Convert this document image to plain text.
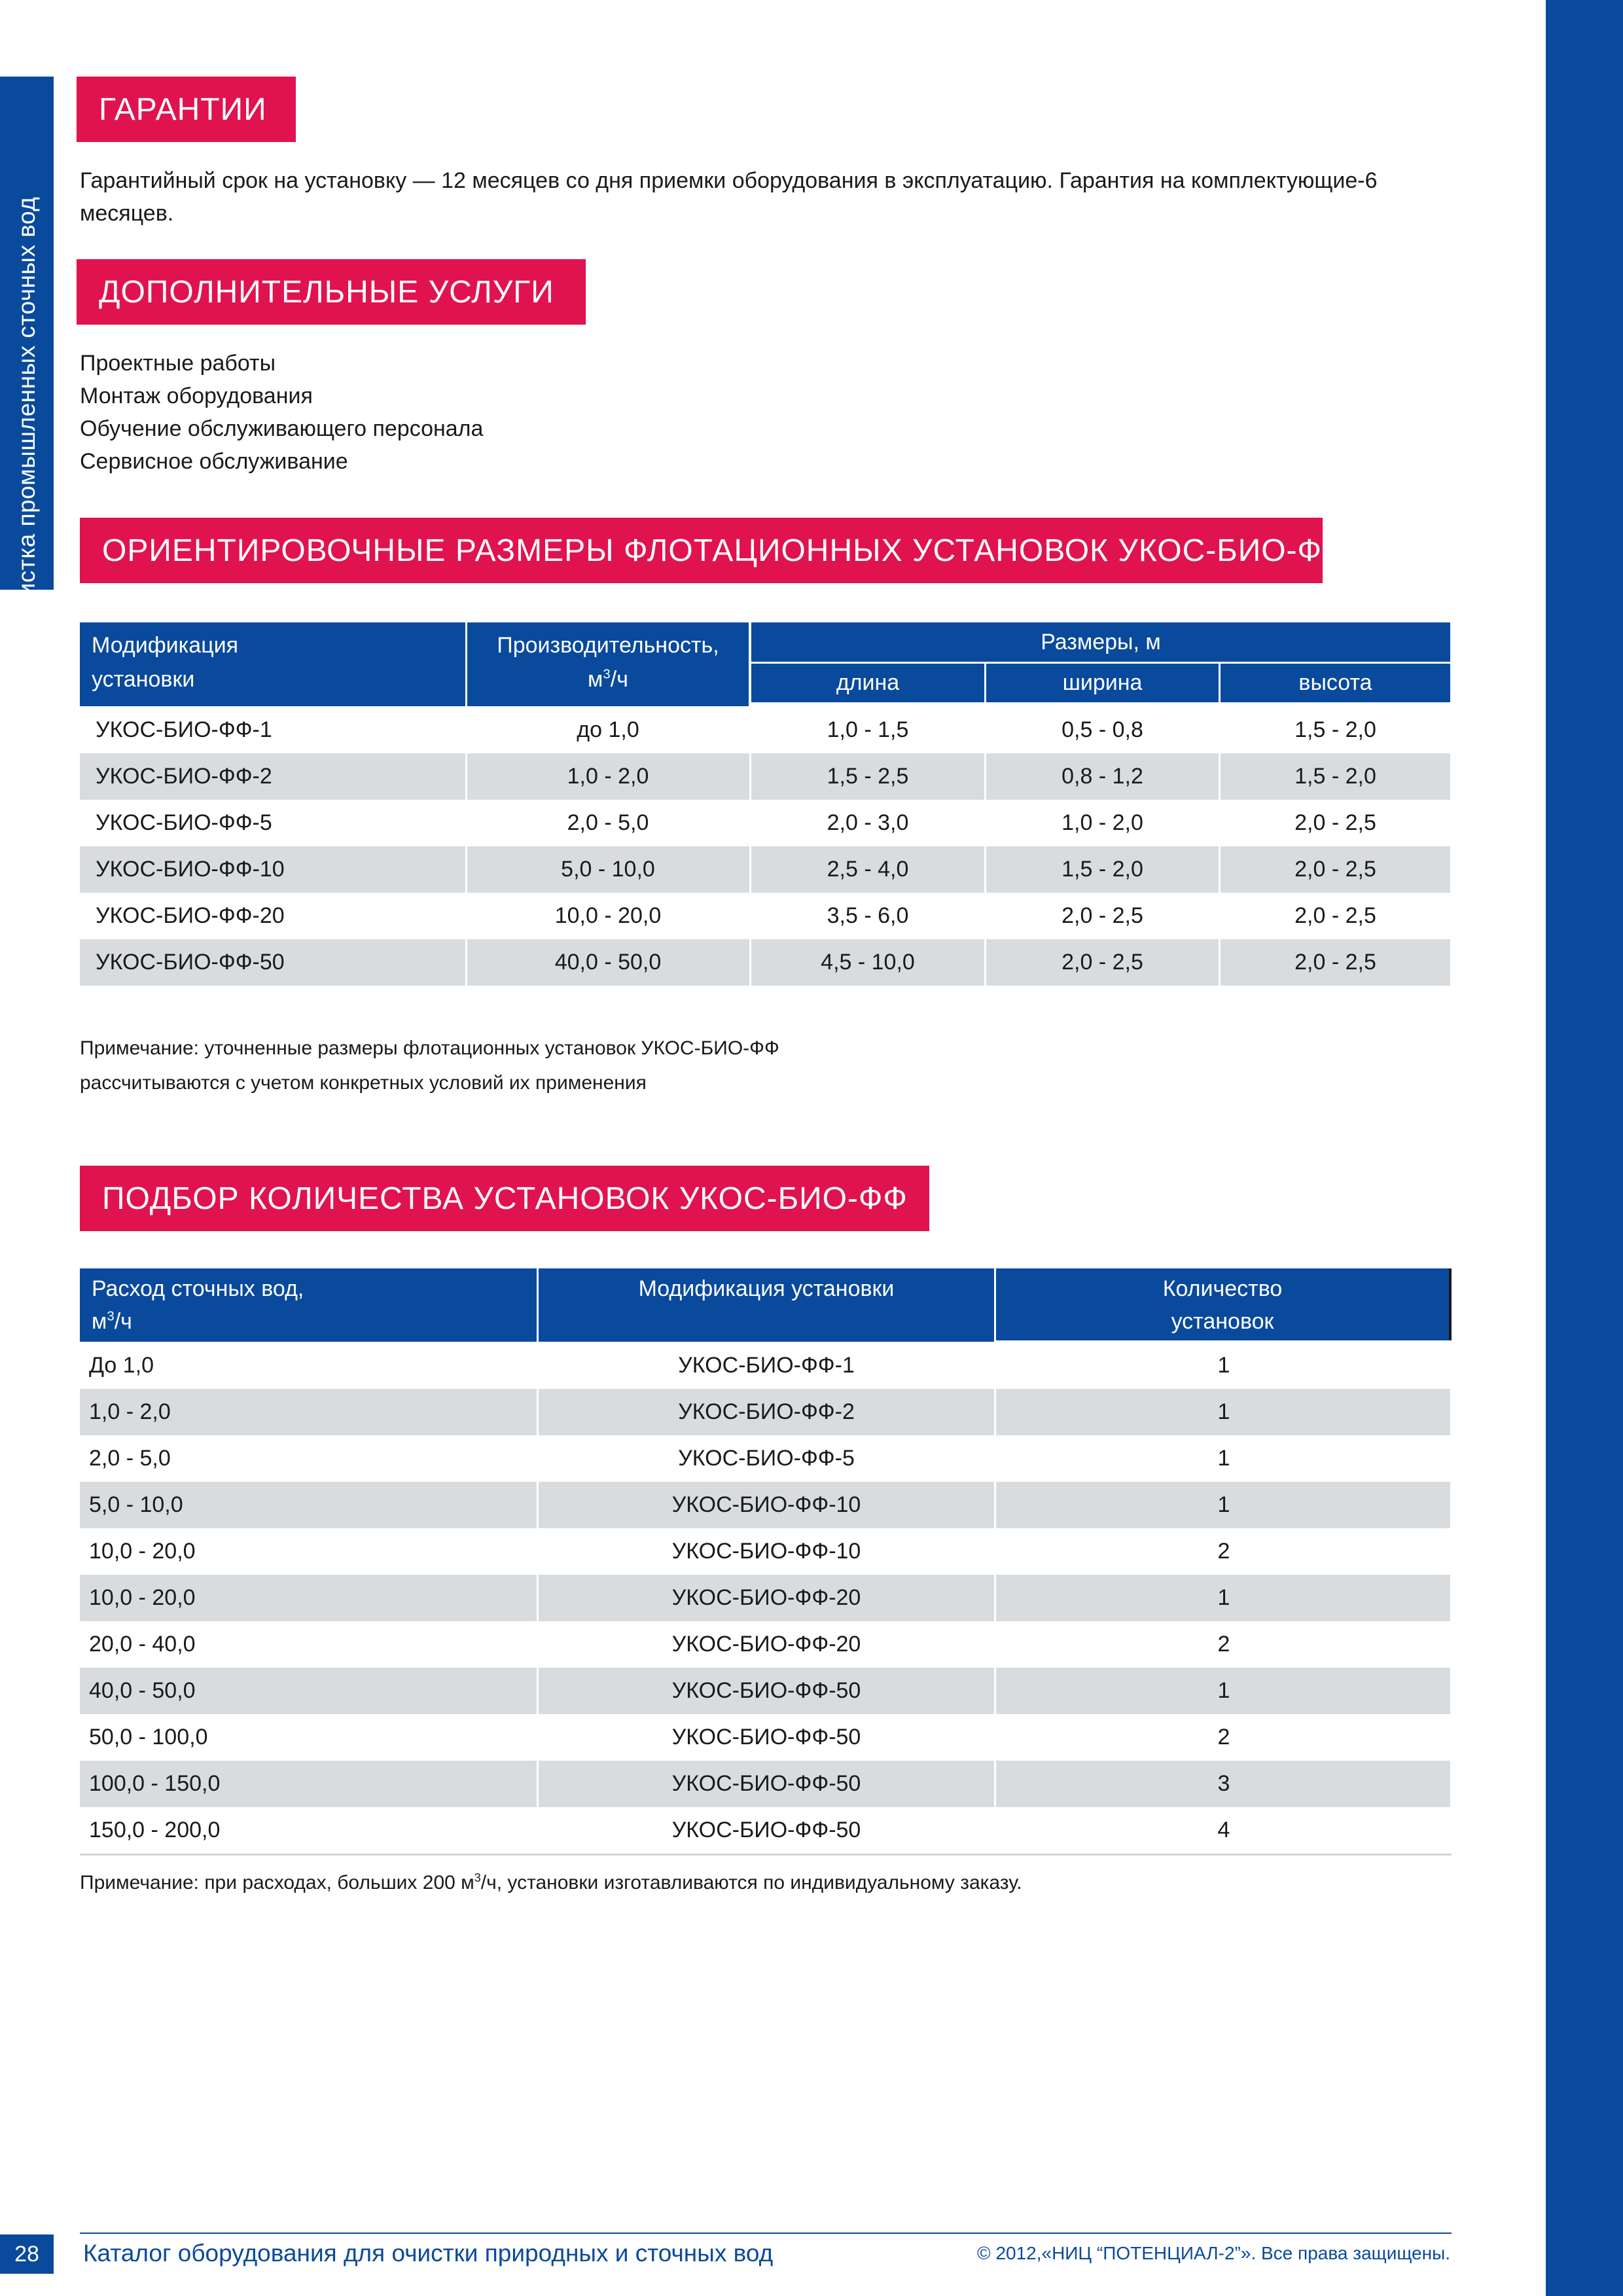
очистка промышленных сточных вод
ГАРАНТИИ
Гарантийный срок на установку — 12 месяцев со дня приемки оборудования в эксплуатацию. Гарантия на комплектующие-6
месяцев.
ДОПОЛНИТЕЛЬНЫЕ УСЛУГИ
Проектные работы
Монтаж оборудования
Обучение обслуживающего персонала
Сервисное обслуживание
ОРИЕНТИРОВОЧНЫЕ РАЗМЕРЫ ФЛОТАЦИОННЫХ УСТАНОВОК УКОС-БИО-ФФ
Модификация
установки
Производительность,
$м^3/ч$
Размеры, м
длина	ширина	высота
УКОС-БИО-ФФ-1	до 1,0	1,0 - 1,5	0,5 - 0,8	1,5 - 2,0
УКОС-БИО-ФФ-2	1,0 - 2,0	1,5 - 2,5	0,8 - 1,2	1,5 - 2,0
УКОС-БИО-ФФ-5	2,0 - 5,0	2,0 - 3,0	1,0 - 2,0	2,0 - 2,5
УКОС-БИО-ФФ-10	5,0 - 10,0	2,5 - 4,0	1,5 - 2,0	2,0 - 2,5
УКОС-БИО-ФФ-20	10,0 - 20,0	3,5 - 6,0	2,0 - 2,5	2,0 - 2,5
УКОС-БИО-ФФ-50	40,0 - 50,0	4,5 - 10,0	2,0 - 2,5	2,0 - 2,5
Примечание: уточненные размеры флотационных установок УКОС-БИО-ФФ
рассчитываются с учетом конкретных условий их применения
ПОДБОР КОЛИЧЕСТВА УСТАНОВОК УКОС-БИО-ФФ
Расход сточных вод,
$м^3/ч$
Модификация установки	Количество
установок
До 1,0	УКОС-БИО-ФФ-1	1
1,0 - 2,0	УКОС-БИО-ФФ-2	1
2,0 - 5,0	УКОС-БИО-ФФ-5	1
5,0 - 10,0	УКОС-БИО-ФФ-10	1
10,0 - 20,0	УКОС-БИО-ФФ-10	2
10,0 - 20,0	УКОС-БИО-ФФ-20	1
20,0 - 40,0	УКОС-БИО-ФФ-20	2
40,0 - 50,0	УКОС-БИО-ФФ-50	1
50,0 - 100,0	УКОС-БИО-ФФ-50	2
100,0 - 150,0	УКОС-БИО-ФФ-50	3
150,0 - 200,0	УКОС-БИО-ФФ-50	4
Примечание: при расходах, больших 200 $м^3/ч$, установки изготавливаются по индивидуальному заказу.
28	Каталог оборудования для очистки природных и сточных вод	© 2012,«НИЦ “ПОТЕНЦИАЛ-2”». Все права защищены.
